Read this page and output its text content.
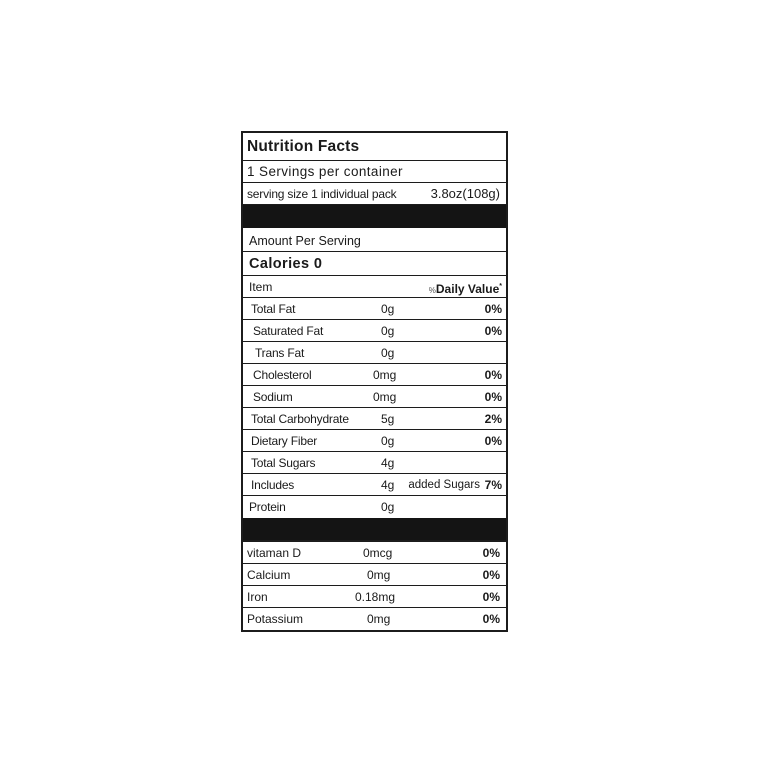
Nutrition Facts
1 Servings per container
serving size 1 individual pack	3.8oz(108g)
Amount Per Serving
Calories 0
Item	%Daily Value*
Total Fat	0g	0%
Saturated Fat	0g	0%
Trans Fat	0g
Cholesterol	0mg	0%
Sodium	0mg	0%
Total Carbohydrate	5g	2%
Dietary Fiber	0g	0%
Total Sugars	4g
Includes	4g added Sugars 7%
Protein	0g
vitaman D	0mcg	0%
Calcium	0mg	0%
Iron	0.18mg	0%
Potassium	0mg	0%
